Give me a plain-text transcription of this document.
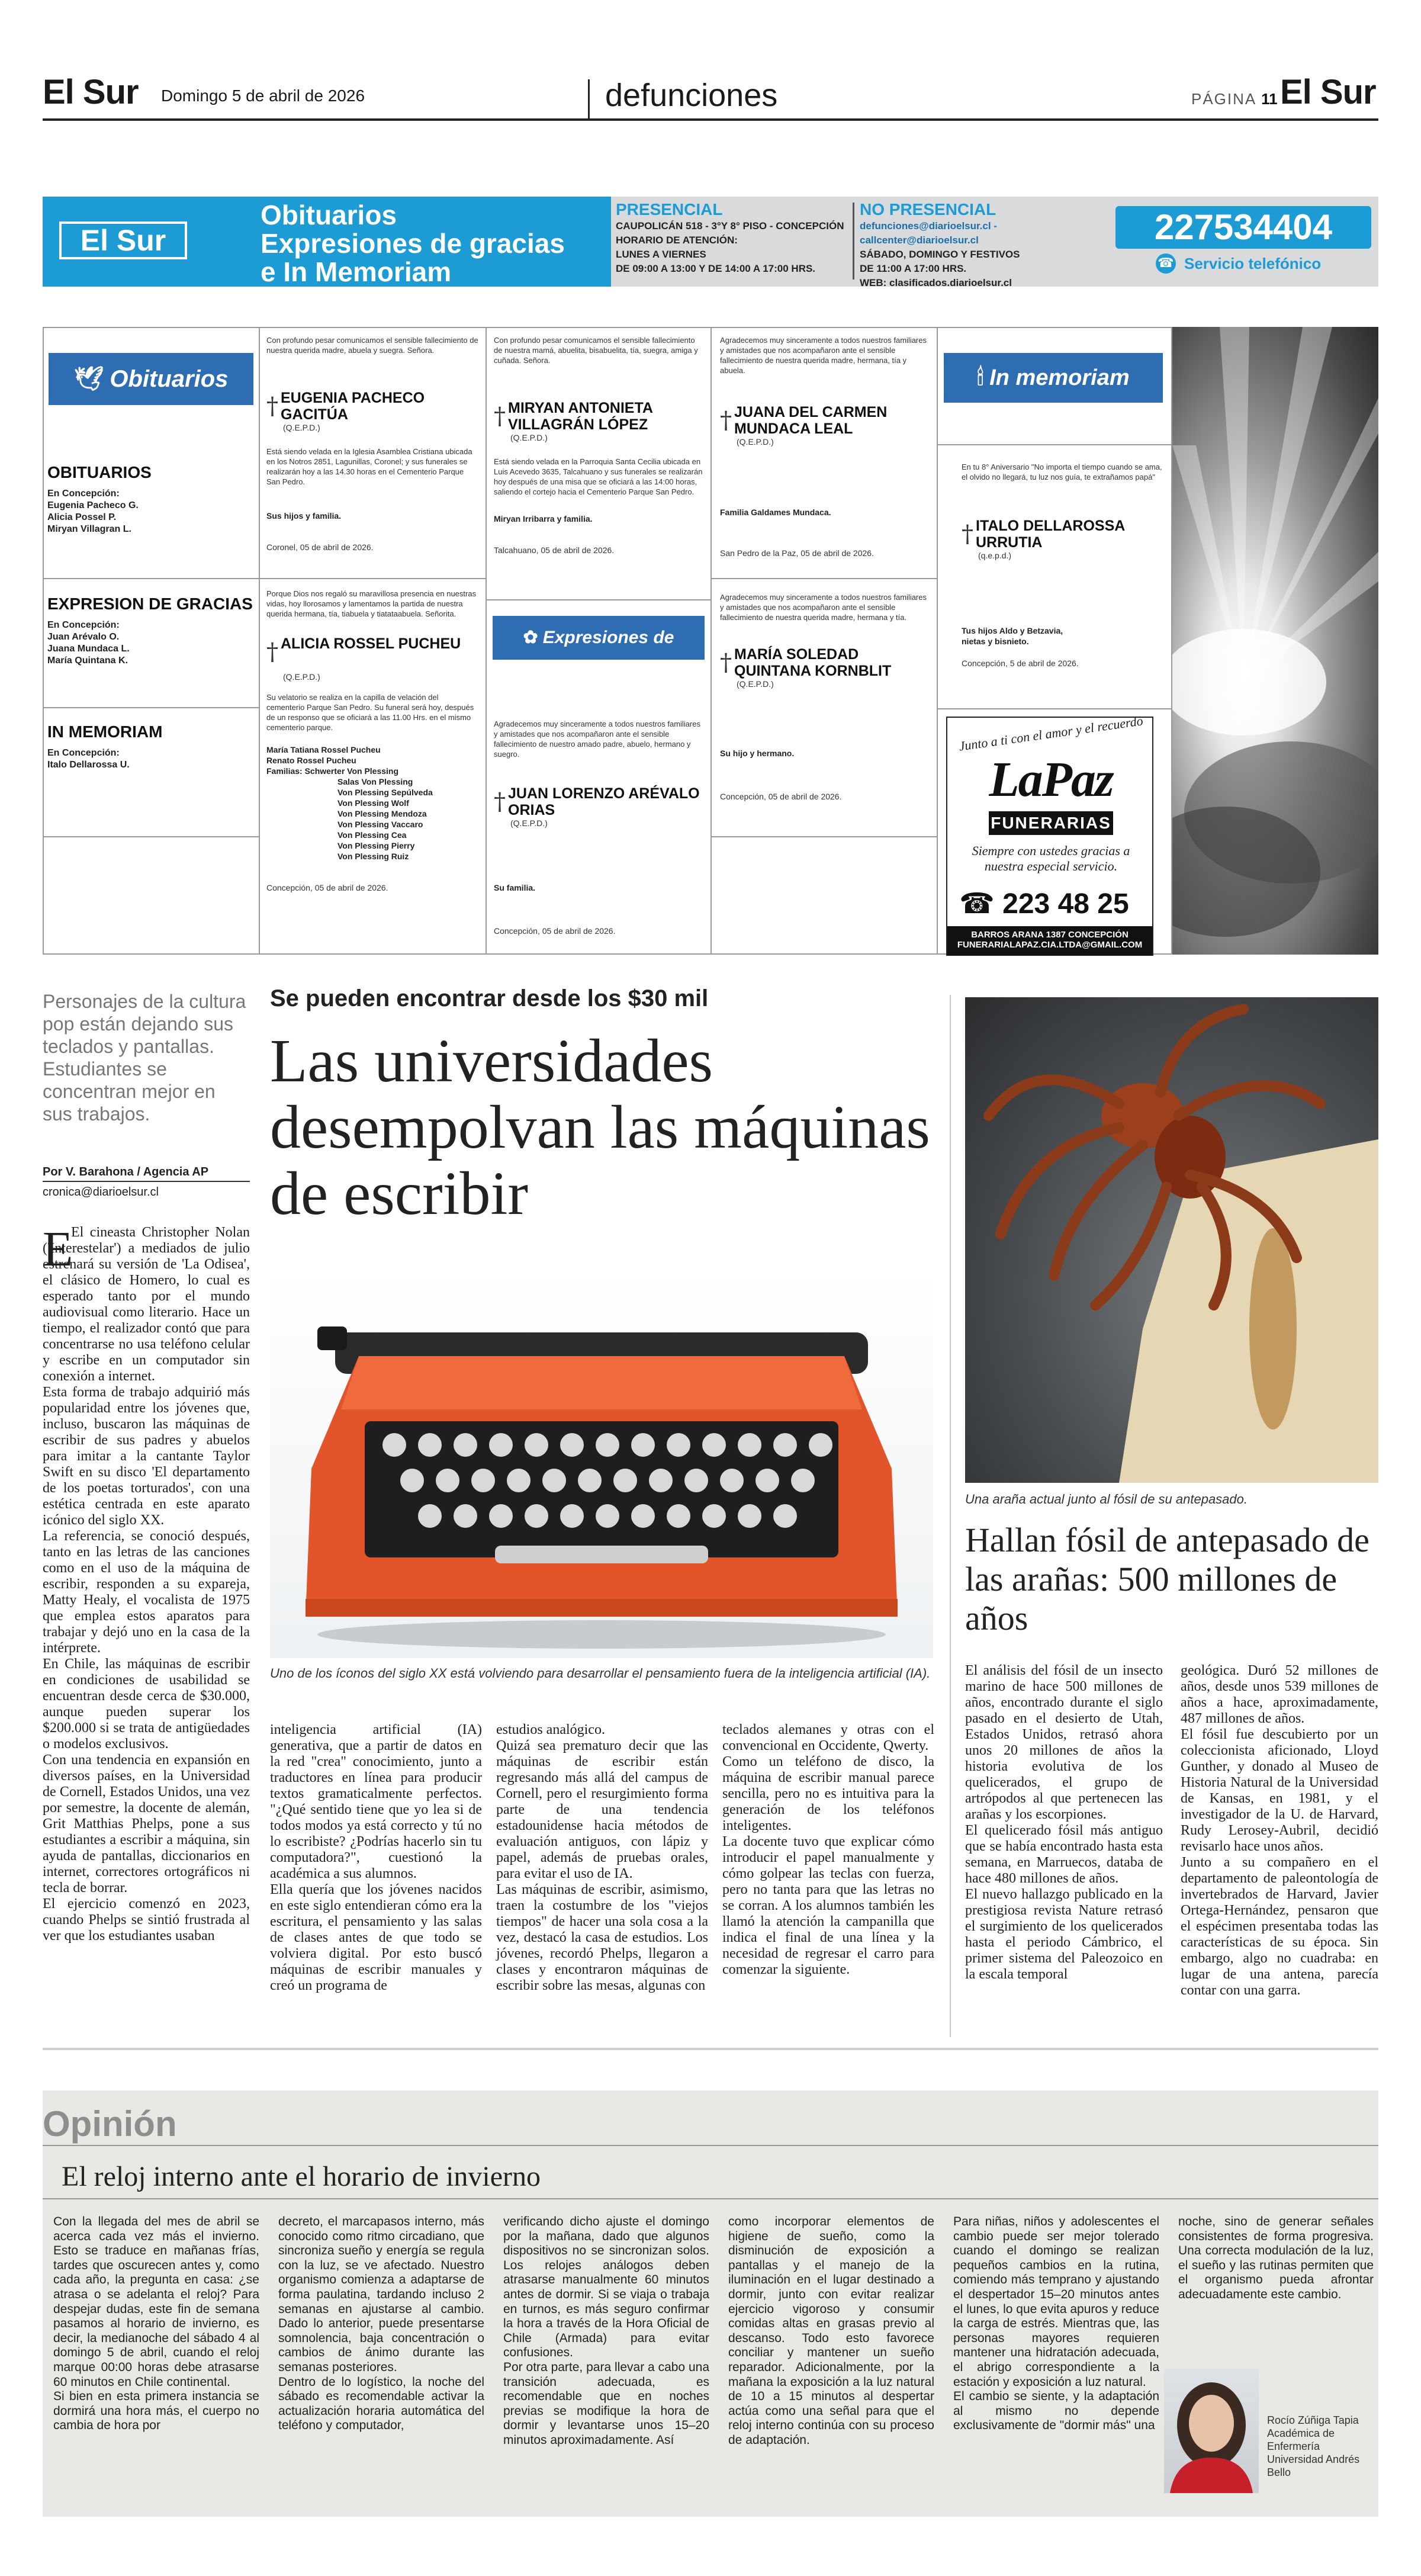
El Sur Domingo 5 de abril de 2026	defunciones	PÁGINA 11 El Sur
El Sur
Obituarios
Expresiones de gracias
e In Memoriam
PRESENCIAL
CAUPOLICÁN 518 - 3°Y 8° PISO - CONCEPCIÓN
HORARIO DE ATENCIÓN:
LUNES A VIERNES
DE 09:00 A 13:00 Y DE 14:00 A 17:00 HRS.
NO PRESENCIAL
defunciones@diarioelsur.cl - callcenter@diarioelsur.cl
SÁBADO, DOMINGO Y FESTIVOS
DE 11:00 A 17:00 HRS.
WEB: clasificados.diarioelsur.cl
227534404
☎ Servicio telefónico
🕊 Obituarios
OBITUARIOS
En Concepción:
Eugenia Pacheco G.
Alicia Possel P.
Miryan Villagran L.
EXPRESION DE GRACIAS
En Concepción:
Juan Arévalo O.
Juana Mundaca L.
María Quintana K.
IN MEMORIAM
En Concepción:
Italo Dellarossa U.
Con profundo pesar comunicamos el sensible fallecimiento de nuestra querida madre, abuela y suegra. Señora.
† EUGENIA PACHECO GACITÚA
(Q.E.P.D.)
Está siendo velada en la Iglesia Asamblea Cristiana ubicada en los Notros 2851, Lagunillas, Coronel; y sus funerales se realizarán hoy a las 14.30 horas en el Cementerio Parque San Pedro.
Sus hijos y familia.
Coronel, 05 de abril de 2026.
Con profundo pesar comunicamos el sensible fallecimiento de nuestra mamá, abuelita, bisabuelita, tía, suegra, amiga y cuñada. Señora.
† MIRYAN ANTONIETA VILLAGRÁN LÓPEZ
(Q.E.P.D.)
Está siendo velada en la Parroquia Santa Cecilia ubicada en Luis Acevedo 3635, Talcahuano y sus funerales se realizarán hoy después de una misa que se oficiará a las 14:00 horas, saliendo el cortejo hacia el Cementerio Parque San Pedro.
Miryan Irribarra y familia.
Talcahuano, 05 de abril de 2026.
Agradecemos muy sinceramente a todos nuestros familiares y amistades que nos acompañaron ante el sensible fallecimiento de nuestra querida madre, hermana, tía y abuela.
† JUANA DEL CARMEN MUNDACA LEAL
(Q.E.P.D.)
Familia Galdames Mundaca.
San Pedro de la Paz, 05 de abril de 2026.
🕯 In memoriam
En tu 8° Aniversario "No importa el tiempo cuando se ama, el olvido no llegará, tu luz nos guía, te extrañamos papá"
† ITALO DELLAROSSA URRUTIA
(q.e.p.d.)
Tus hijos Aldo y Betzavia,
nietas y bisnieto.
Concepción, 5 de abril de 2026.
Porque Dios nos regaló su maravillosa presencia en nuestras vidas, hoy llorosamos y lamentamos la partida de nuestra querida hermana, tía, tiabuela y tiatataabuela. Señorita.
† ALICIA ROSSEL PUCHEU
(Q.E.P.D.)
Su velatorio se realiza en la capilla de velación del cementerio Parque San Pedro. Su funeral será hoy, después de un responso que se oficiará a las 11.00 Hrs. en el mismo cementerio parque.
María Tatiana Rossel Pucheu
Renato Rossel Pucheu
Familias: Schwerter Von Plessing
Salas Von Plessing
Von Plessing Sepúlveda
Von Plessing Wolf
Von Plessing Mendoza
Von Plessing Vaccaro
Von Plessing Cea
Von Plessing Pierry
Von Plessing Ruiz
Concepción, 05 de abril de 2026.
✿ Expresiones de gracias
Agradecemos muy sinceramente a todos nuestros familiares y amistades que nos acompañaron ante el sensible fallecimiento de nuestro amado padre, abuelo, hermano y suegro.
† JUAN LORENZO ARÉVALO ORIAS
(Q.E.P.D.)
Su familia.
Concepción, 05 de abril de 2026.
Agradecemos muy sinceramente a todos nuestros familiares y amistades que nos acompañaron ante el sensible fallecimiento de nuestra querida madre, hermana y tía.
† MARÍA SOLEDAD QUINTANA KORNBLIT
(Q.E.P.D.)
Su hijo y hermano.
Concepción, 05 de abril de 2026.
Junto a ti con el amor y el recuerdo
LaPaz
FUNERARIAS
Siempre con ustedes gracias a nuestra especial servicio.
☎ 223 48 25
BARROS ARANA 1387 CONCEPCIÓN
FUNERARIALAPAZ.CIA.LTDA@GMAIL.COM
Personajes de la cultura pop están dejando sus teclados y pantallas. Estudiantes se concentran mejor en sus trabajos.
Por V. Barahona / Agencia AP
cronica@diarioelsur.cl
Se pueden encontrar desde los $30 mil
Las universidades desempolvan las máquinas de escribir
Uno de los íconos del siglo XX está volviendo para desarrollar el pensamiento fuera de la inteligencia artificial (IA).
E
El cineasta Christopher Nolan ('Interestelar') a mediados de julio estrenará su versión de 'La Odisea', el clásico de Homero, lo cual es esperado tanto por el mundo audiovisual como literario. Hace un tiempo, el realizador contó que para concentrarse no usa teléfono celular y escribe en un computador sin conexión a internet.
Esta forma de trabajo adquirió más popularidad entre los jóvenes que, incluso, buscaron las máquinas de escribir de sus padres y abuelos para imitar a la cantante Taylor Swift en su disco 'El departamento de los poetas torturados', con una estética centrada en este aparato icónico del siglo XX.
La referencia, se conoció después, tanto en las letras de las canciones como en el uso de la máquina de escribir, responden a su expareja, Matty Healy, el vocalista de 1975 que emplea estos aparatos para trabajar y dejó uno en la casa de la intérprete.
En Chile, las máquinas de escribir en condiciones de usabilidad se encuentran desde cerca de $30.000, aunque pueden superar los $200.000 si se trata de antigüedades o modelos exclusivos.
Con una tendencia en expansión en diversos países, en la Universidad de Cornell, Estados Unidos, una vez por semestre, la docente de alemán, Grit Matthias Phelps, pone a sus estudiantes a escribir a máquina, sin ayuda de pantallas, diccionarios en internet, correctores ortográficos ni tecla de borrar.
El ejercicio comenzó en 2023, cuando Phelps se sintió frustrada al ver que los estudiantes usaban
inteligencia artificial (IA) generativa, que a partir de datos en la red "crea" conocimiento, junto a traductores en línea para producir textos gramaticalmente perfectos. "¿Qué sentido tiene que yo lea si de todos modos ya está correcto y tú no lo escribiste? ¿Podrías hacerlo sin tu computadora?", cuestionó la académica a sus alumnos.
Ella quería que los jóvenes nacidos en este siglo entendieran cómo era la escritura, el pensamiento y las salas de clases antes de que todo se volviera digital. Por esto buscó máquinas de escribir manuales y creó un programa de
estudios analógico.
Quizá sea prematuro decir que las máquinas de escribir están regresando más allá del campus de Cornell, pero el resurgimiento forma parte de una tendencia estadounidense hacia métodos de evaluación antiguos, con lápiz y papel, además de pruebas orales, para evitar el uso de IA.
Las máquinas de escribir, asimismo, traen la costumbre de los "viejos tiempos" de hacer una sola cosa a la vez, destacó la casa de estudios. Los jóvenes, recordó Phelps, llegaron a clases y encontraron máquinas de escribir sobre las mesas, algunas con
teclados alemanes y otras con el convencional en Occidente, Qwerty.
Como un teléfono de disco, la máquina de escribir manual parece sencilla, pero no es intuitiva para la generación de los teléfonos inteligentes.
La docente tuvo que explicar cómo introducir el papel manualmente y cómo golpear las teclas con fuerza, pero no tanta para que las letras no se corran. A los alumnos también les llamó la atención la campanilla que indica el final de una línea y la necesidad de regresar el carro para comenzar la siguiente.
Una araña actual junto al fósil de su antepasado.
Hallan fósil de antepasado de las arañas: 500 millones de años
El análisis del fósil de un insecto marino de hace 500 millones de años, encontrado durante el siglo pasado en el desierto de Utah, Estados Unidos, retrasó ahora unos 20 millones de años la historia evolutiva de los quelicerados, el grupo de artrópodos al que pertenecen las arañas y los escorpiones.
El quelicerado fósil más antiguo que se había encontrado hasta esta semana, en Marruecos, databa de hace 480 millones de años.
El nuevo hallazgo publicado en la prestigiosa revista Nature retrasó el surgimiento de los quelicerados hasta el periodo Cámbrico, el primer sistema del Paleozoico en la escala temporal
geológica. Duró 52 millones de años, desde unos 539 millones de años a hace, aproximadamente, 487 millones de años.
El fósil fue descubierto por un coleccionista aficionado, Lloyd Gunther, y donado al Museo de Historia Natural de la Universidad de Kansas, en 1981, y el investigador de la U. de Harvard, Rudy Lerosey-Aubril, decidió revisarlo hace unos años.
Junto a su compañero en el departamento de paleontología de invertebrados de Harvard, Javier Ortega-Hernández, pensaron que el espécimen presentaba todas las características de su época. Sin embargo, algo no cuadraba: en lugar de una antena, parecía contar con una garra.
Opinión
El reloj interno ante el horario de invierno
Con la llegada del mes de abril se acerca cada vez más el invierno. Esto se traduce en mañanas frías, tardes que oscurecen antes y, como cada año, la pregunta en casa: ¿se atrasa o se adelanta el reloj? Para despejar dudas, este fin de semana pasamos al horario de invierno, es decir, la medianoche del sábado 4 al domingo 5 de abril, cuando el reloj marque 00:00 horas debe atrasarse 60 minutos en Chile continental.
Si bien en esta primera instancia se dormirá una hora más, el cuerpo no cambia de hora por
decreto, el marcapasos interno, más conocido como ritmo circadiano, que sincroniza sueño y energía se regula con la luz, se ve afectado. Nuestro organismo comienza a adaptarse de forma paulatina, tardando incluso 2 semanas en ajustarse al cambio. Dado lo anterior, puede presentarse somnolencia, baja concentración o cambios de ánimo durante las semanas posteriores.
Dentro de lo logístico, la noche del sábado es recomendable activar la actualización horaria automática del teléfono y computador,
verificando dicho ajuste el domingo por la mañana, dado que algunos dispositivos no se sincronizan solos. Los relojes análogos deben atrasarse manualmente 60 minutos antes de dormir. Si se viaja o trabaja en turnos, es más seguro confirmar la hora a través de la Hora Oficial de Chile (Armada) para evitar confusiones.
Por otra parte, para llevar a cabo una transición adecuada, es recomendable que en noches previas se modifique la hora de dormir y levantarse unos 15–20 minutos aproximadamente. Así
como incorporar elementos de higiene de sueño, como la disminución de exposición a pantallas y el manejo de la iluminación en el lugar destinado a dormir, junto con evitar realizar ejercicio vigoroso y consumir comidas altas en grasas previo al descanso. Todo esto favorece conciliar y mantener un sueño reparador. Adicionalmente, por la mañana la exposición a la luz natural de 10 a 15 minutos al despertar actúa como una señal para que el reloj interno continúa con su proceso de adaptación.
Para niñas, niños y adolescentes el cambio puede ser mejor tolerado cuando el domingo se realizan pequeños cambios en la rutina, comiendo más temprano y ajustando el despertador 15–20 minutos antes el lunes, lo que evita apuros y reduce la carga de estrés. Mientras que, las personas mayores requieren mantener una hidratación adecuada, el abrigo correspondiente a la estación y exposición a luz natural.
El cambio se siente, y la adaptación al mismo no depende exclusivamente de "dormir más" una
noche, sino de generar señales consistentes de forma progresiva. Una correcta modulación de la luz, el sueño y las rutinas permiten que el organismo pueda afrontar adecuadamente este cambio.
Rocío Zúñiga Tapia
Académica de
Enfermería
Universidad Andrés
Bello
